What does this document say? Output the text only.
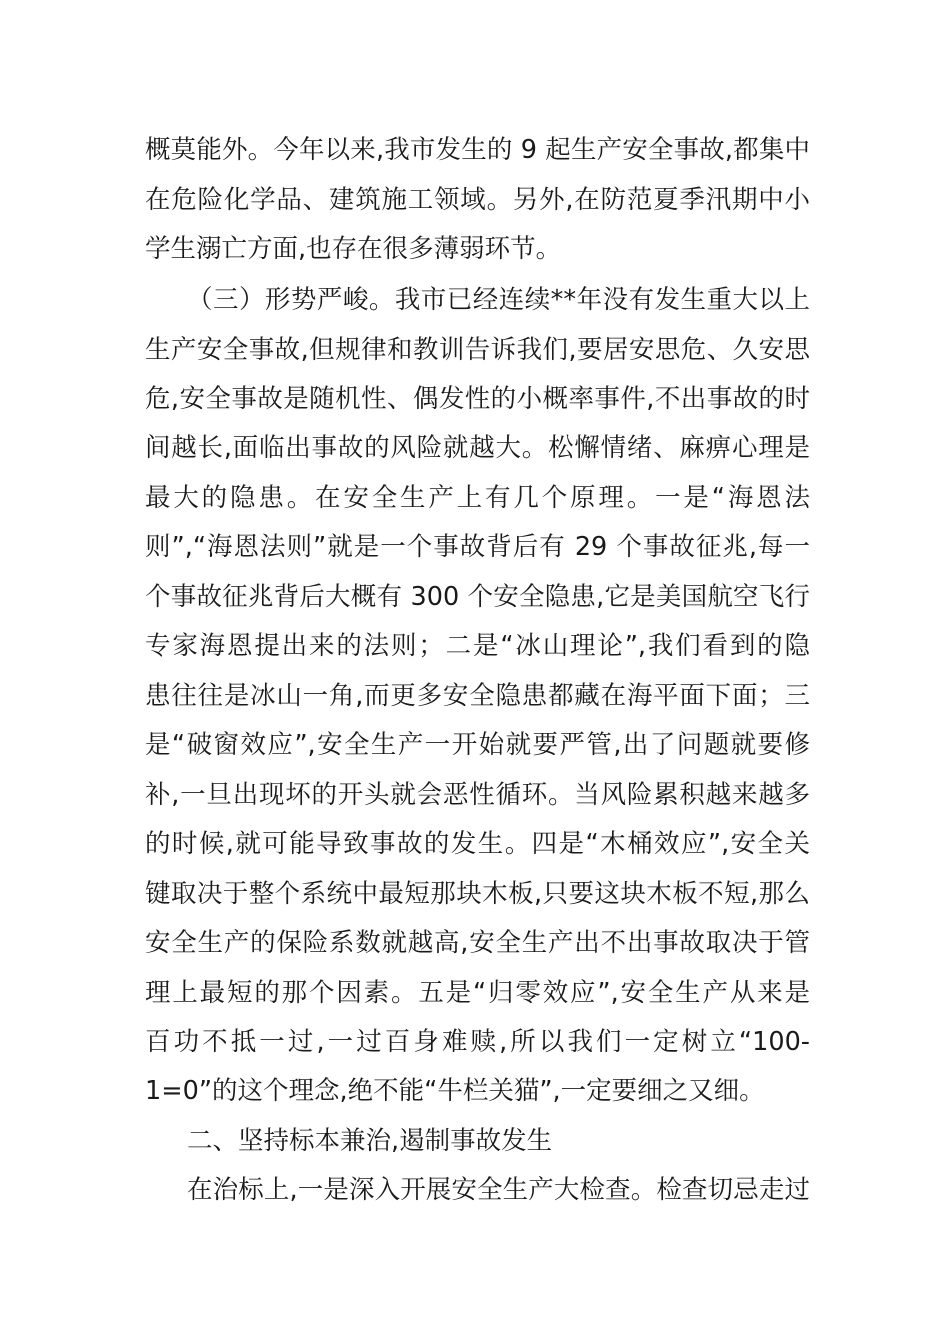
概莫能外。今年以来,我市发生的 9 起生产安全事故,都集中
在危险化学品、建筑施工领域。另外,在防范夏季汛期中小
学生溺亡方面,也存在很多薄弱环节。
（三）形势严峻。我市已经连续**年没有发生重大以上
生产安全事故,但规律和教训告诉我们,要居安思危、久安思
危,安全事故是随机性、偶发性的小概率事件,不出事故的时
间越长,面临出事故的风险就越大。松懈情绪、麻痹心理是
最大的隐患。在安全生产上有几个原理。一是“海恩法
则”,“海恩法则”就是一个事故背后有 29 个事故征兆,每一
个事故征兆背后大概有 300 个安全隐患,它是美国航空飞行
专家海恩提出来的法则；二是“冰山理论”,我们看到的隐
患往往是冰山一角,而更多安全隐患都藏在海平面下面；三
是“破窗效应”,安全生产一开始就要严管,出了问题就要修
补,一旦出现坏的开头就会恶性循环。当风险累积越来越多
的时候,就可能导致事故的发生。四是“木桶效应”,安全关
键取决于整个系统中最短那块木板,只要这块木板不短,那么
安全生产的保险系数就越高,安全生产出不出事故取决于管
理上最短的那个因素。五是“归零效应”,安全生产从来是
百功不抵一过,一过百身难赎,所以我们一定树立“100-
1=0”的这个理念,绝不能“牛栏关猫”,一定要细之又细。
二、坚持标本兼治,遏制事故发生
在治标上,一是深入开展安全生产大检查。检查切忌走过
